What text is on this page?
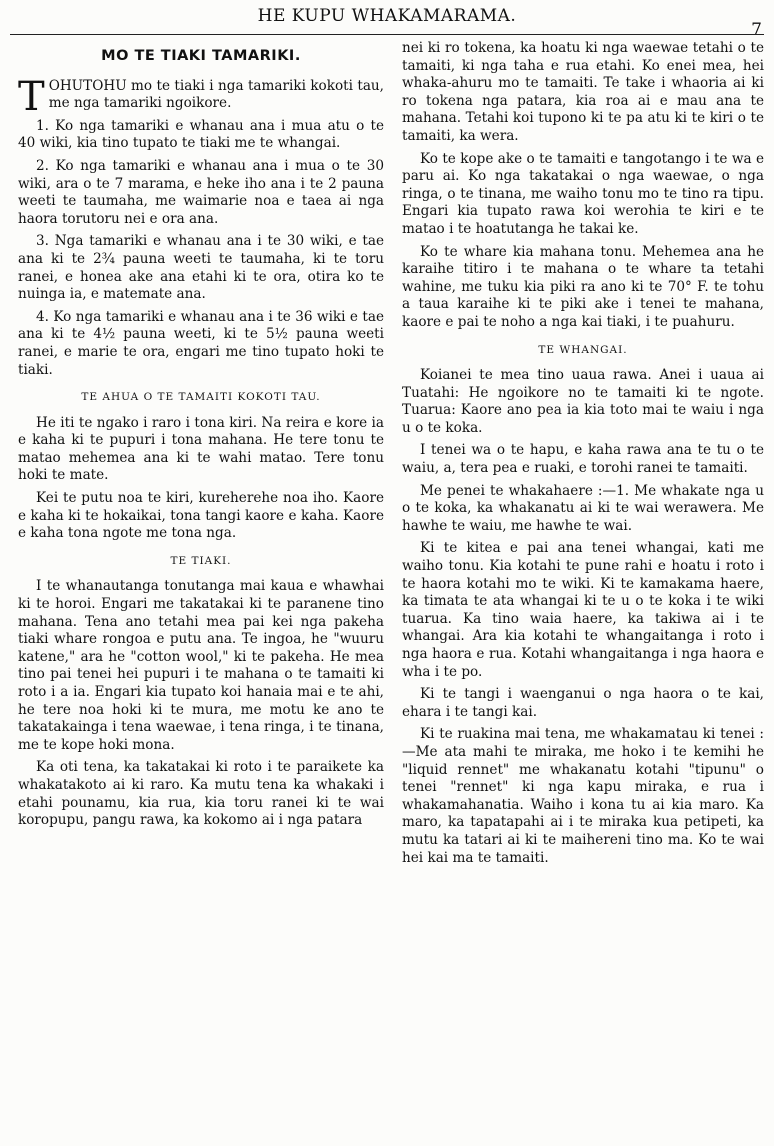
HE KUPU WHAKAMARAMA.
7
MO TE TIAKI TAMARIKI.

TOHUTOHU mo te tiaki i nga tamariki kokoti tau, me nga tamariki ngoikore.

1. Ko nga tamariki e whanau ana i mua atu o te 40 wiki, kia tino tupato te tiaki me te whangai.

2. Ko nga tamariki e whanau ana i mua o te 30 wiki, ara o te 7 marama, e heke iho ana i te 2 pauna weeti te taumaha, me waimarie noa e taea ai nga haora torutoru nei e ora ana.

3. Nga tamariki e whanau ana i te 30 wiki, e tae ana ki te 2¾ pauna weeti te taumaha, ki te toru ranei, e honea ake ana etahi ki te ora, otira ko te nuinga ia, e matemate ana.

4. Ko nga tamariki e whanau ana i te 36 wiki e tae ana ki te 4½ pauna weeti, ki te 5½ pauna weeti ranei, e marie te ora, engari me tino tupato hoki te tiaki.

TE AHUA O TE TAMAITI KOKOTI TAU.

He iti te ngako i raro i tona kiri. Na reira e kore ia e kaha ki te pupuri i tona mahana. He tere tonu te matao mehemea ana ki te wahi matao. Tere tonu hoki te mate.

Kei te putu noa te kiri, kureherehe noa iho. Kaore e kaha ki te hokaikai, tona tangi kaore e kaha. Kaore e kaha tona ngote me tona nga.

TE TIAKI.

I te whanautanga tonutanga mai kaua e whawhai ki te horoi. Engari me takatakai ki te paranene tino mahana. Tena ano tetahi mea pai kei nga pakeha tiaki whare rongoa e putu ana. Te ingoa, he "wuuru katene," ara he "cotton wool," ki te pakeha. He mea tino pai tenei hei pupuri i te mahana o te tamaiti ki roto i a ia. Engari kia tupato koi hanaia mai e te ahi, he tere noa hoki ki te mura, me motu ke ano te takatakainga i tena waewae, i tena ringa, i te tinana, me te kope hoki mona.

Ka oti tena, ka takatakai ki roto i te paraikete ka whakatakoto ai ki raro. Ka mutu tena ka whakaki i etahi pounamu, kia rua, kia toru ranei ki te wai koropupu, pangu rawa, ka kokomo ai i nga patara

nei ki ro tokena, ka hoatu ki nga waewae tetahi o te tamaiti, ki nga taha e rua etahi. Ko enei mea, hei whaka-ahuru mo te tamaiti. Te take i whaoria ai ki ro tokena nga patara, kia roa ai e mau ana te mahana. Tetahi koi tupono ki te pa atu ki te kiri o te tamaiti, ka wera.

Ko te kope ake o te tamaiti e tangotango i te wa e paru ai. Ko nga takatakai o nga waewae, o nga ringa, o te tinana, me waiho tonu mo te tino ra tipu. Engari kia tupato rawa koi werohia te kiri e te matao i te hoatutanga he takai ke.

Ko te whare kia mahana tonu. Mehemea ana he karaihe titiro i te mahana o te whare ta tetahi wahine, me tuku kia piki ra ano ki te 70° F. te tohu a taua karaihe ki te piki ake i tenei te mahana, kaore e pai te noho a nga kai tiaki, i te puahuru.

TE WHANGAI.

Koianei te mea tino uaua rawa. Anei i uaua ai Tuatahi: He ngoikore no te tamaiti ki te ngote. Tuarua: Kaore ano pea ia kia toto mai te waiu i nga u o te koka.

I tenei wa o te hapu, e kaha rawa ana te tu o te waiu, a, tera pea e ruaki, e torohi ranei te tamaiti.

Me penei te whakahaere :—1. Me whakate nga u o te koka, ka whakanatu ai ki te wai werawera. Me hawhe te waiu, me hawhe te wai.

Ki te kitea e pai ana tenei whangai, kati me waiho tonu. Kia kotahi te pune rahi e hoatu i roto i te haora kotahi mo te wiki. Ki te kamakama haere, ka timata te ata whangai ki te u o te koka i te wiki tuarua. Ka tino waia haere, ka takiwa ai i te whangai. Ara kia kotahi te whangaitanga i roto i nga haora e rua. Kotahi whangaitanga i nga haora e wha i te po.

Ki te tangi i waenganui o nga haora o te kai, ehara i te tangi kai.

Ki te ruakina mai tena, me whakamatau ki tenei :—Me ata mahi te miraka, me hoko i te kemihi he "liquid rennet" me whakanatu kotahi "tipunu" o tenei "rennet" ki nga kapu miraka, e rua i whakamahanatia. Waiho i kona tu ai kia maro. Ka maro, ka tapatapahi ai i te miraka kua petipeti, ka mutu ka tatari ai ki te maihereni tino ma. Ko te wai hei kai ma te tamaiti.
